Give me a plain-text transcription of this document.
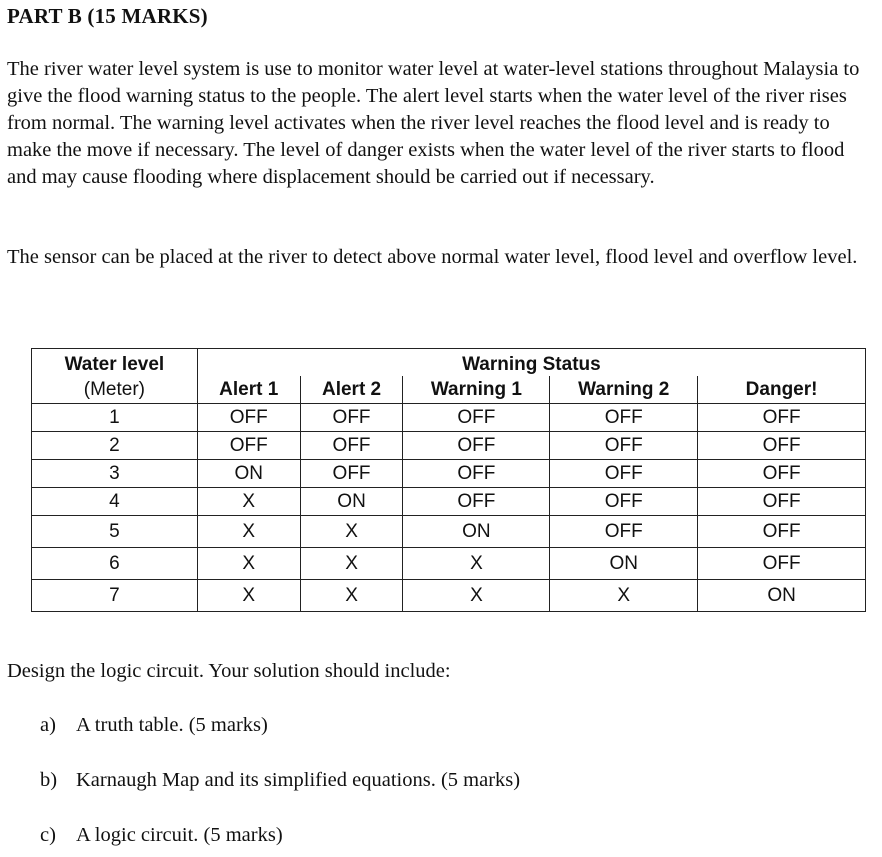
PART B (15 MARKS)

The river water level system is use to monitor water level at water-level stations throughout Malaysia to give the flood warning status to the people. The alert level starts when the water level of the river rises from normal. The warning level activates when the river level reaches the flood level and is ready to make the move if necessary. The level of danger exists when the water level of the river starts to flood and may cause flooding where displacement should be carried out if necessary.

The sensor can be placed at the river to detect above normal water level, flood level and overflow level.

Water level	Warning Status				
(Meter)	Alert 1	Alert 2	Warning 1	Warning 2	Danger!
1	OFF	OFF	OFF	OFF	OFF
2	OFF	OFF	OFF	OFF	OFF
3	ON	OFF	OFF	OFF	OFF
4	X	ON	OFF	OFF	OFF
5	X	X	ON	OFF	OFF
6	X	X	X	ON	OFF
7	X	X	X	X	ON

Design the logic circuit. Your solution should include:

a) A truth table. (5 marks)

b) Karnaugh Map and its simplified equations. (5 marks)

c) A logic circuit. (5 marks)
